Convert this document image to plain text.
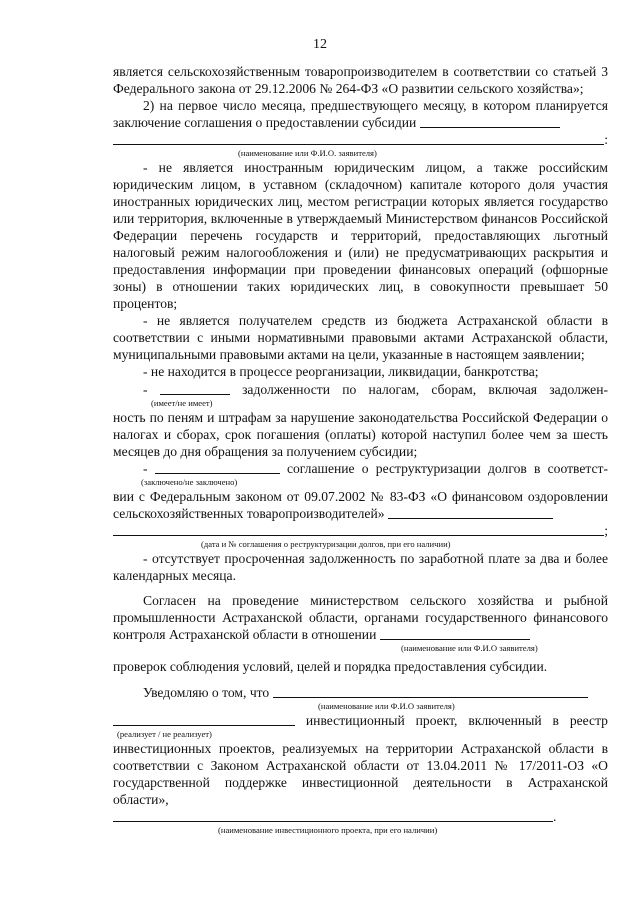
12

является сельскохозяйственным товаропроизводителем в соответствии со статьей 3 Федерального закона от 29.12.2006 № 264-ФЗ «О развитии сельского хозяйства»;

2) на первое число месяца, предшествующего месяцу, в котором планируется заключение соглашения о предоставлении субсидии

:

(наименование или Ф.И.О. заявителя)

- не является иностранным юридическим лицом, а также российским юридическим лицом, в уставном (складочном) капитале которого доля участия иностранных юридических лиц, местом регистрации которых является государство или территория, включенные в утверждаемый Министерством финансов Российской Федерации перечень государств и территорий, предоставляющих льготный налоговый режим налогообложения и (или) не предусматривающих раскрытия и предоставления информации при проведении финансовых операций (офшорные зоны) в отношении таких юридических лиц, в совокупности превышает 50 процентов;

- не является получателем средств из бюджета Астраханской области в соответствии с иными нормативными правовыми актами Астраханской области, муниципальными правовыми актами на цели, указанные в настоящем заявлении;

- не находится в процессе реорганизации, ликвидации, банкротства;

-	задолженности по налогам, сборам, включая задолжен-

(имеет/не имеет)

ность по пеням и штрафам за нарушение законодательства Российской Федерации о налогах и сборах, срок погашения (оплаты) которой наступил более чем за шесть месяцев до дня обращения за получением субсидии;

-	соглашение о реструктуризации долгов в соответст-

(заключено/не заключено)

вии с Федеральным законом от 09.07.2002 № 83-ФЗ «О финансовом оздоровлении сельскохозяйственных товаропроизводителей»

;

(дата и № соглашения о реструктуризации долгов, при его наличии)

- отсутствует просроченная задолженность по заработной плате за два и более календарных месяца.

Согласен на проведение министерством сельского хозяйства и рыбной промышленности Астраханской области, органами государственного финансового контроля Астраханской области в отношении

(наименование или Ф.И.О заявителя)

проверок соблюдения условий, целей и порядка предоставления субсидии.

Уведомляю о том, что

(наименование или Ф.И.О заявителя)

инвестиционный проект, включенный в реестр

(реализует / не реализует)

инвестиционных проектов, реализуемых на территории Астраханской области в соответствии с Законом Астраханской области от 13.04.2011 № 17/2011-ОЗ «О государственной поддержке инвестиционной деятельности в Астраханской области», .

(наименование инвестиционного проекта, при его наличии)
